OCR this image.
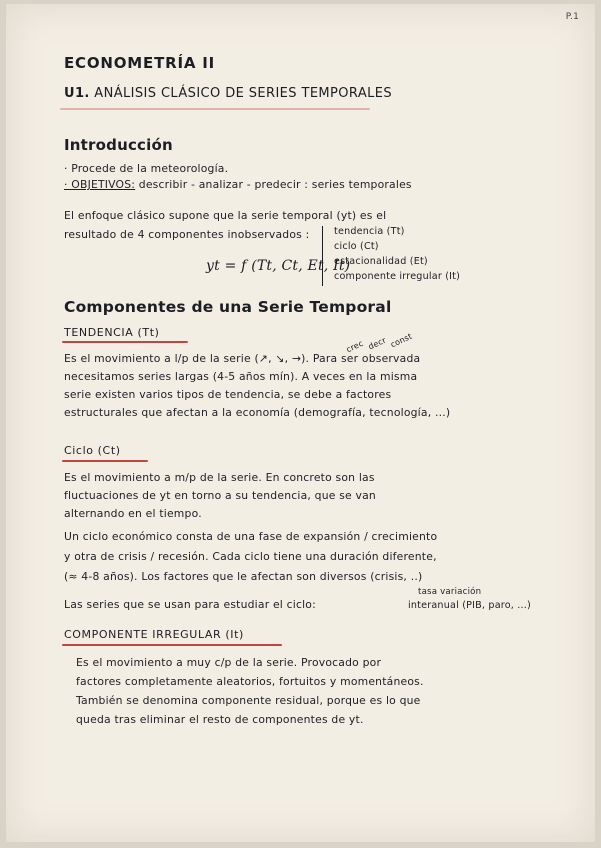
P.1
ECONOMETRÍA II
U1. ANÁLISIS CLÁSICO DE SERIES TEMPORALES
Introducción
· Procede de la meteorología.
· OBJETIVOS: describir - analizar - predecir : series temporales
El enfoque clásico supone que la serie temporal (yt) es el
resultado de 4 componentes inobservados :
yt = f (Tt, Ct, Et, It)
tendencia (Tt)
ciclo (Ct)
estacionalidad (Et)
componente irregular (It)
Componentes de una Serie Temporal
TENDENCIA (Tt)
crec decr const
Es el movimiento a l/p de la serie (↗, ↘, →). Para ser observada
necesitamos series largas (4-5 años mín). A veces en la misma
serie existen varios tipos de tendencia, se debe a factores
estructurales que afectan a la economía (demografía, tecnología, ...)
Ciclo (Ct)
Es el movimiento a m/p de la serie. En concreto son las
fluctuaciones de yt en torno a su tendencia, que se van
alternando en el tiempo.
Un ciclo económico consta de una fase de expansión / crecimiento
y otra de crisis / recesión. Cada ciclo tiene una duración diferente,
(≈ 4-8 años). Los factores que le afectan son diversos (crisis, ..)
Las series que se usan para estudiar el ciclo:
tasa variación
interanual (PIB, paro, ...)
COMPONENTE IRREGULAR (It)
Es el movimiento a muy c/p de la serie. Provocado por
factores completamente aleatorios, fortuitos y momentáneos.
También se denomina componente residual, porque es lo que
queda tras eliminar el resto de componentes de yt.
